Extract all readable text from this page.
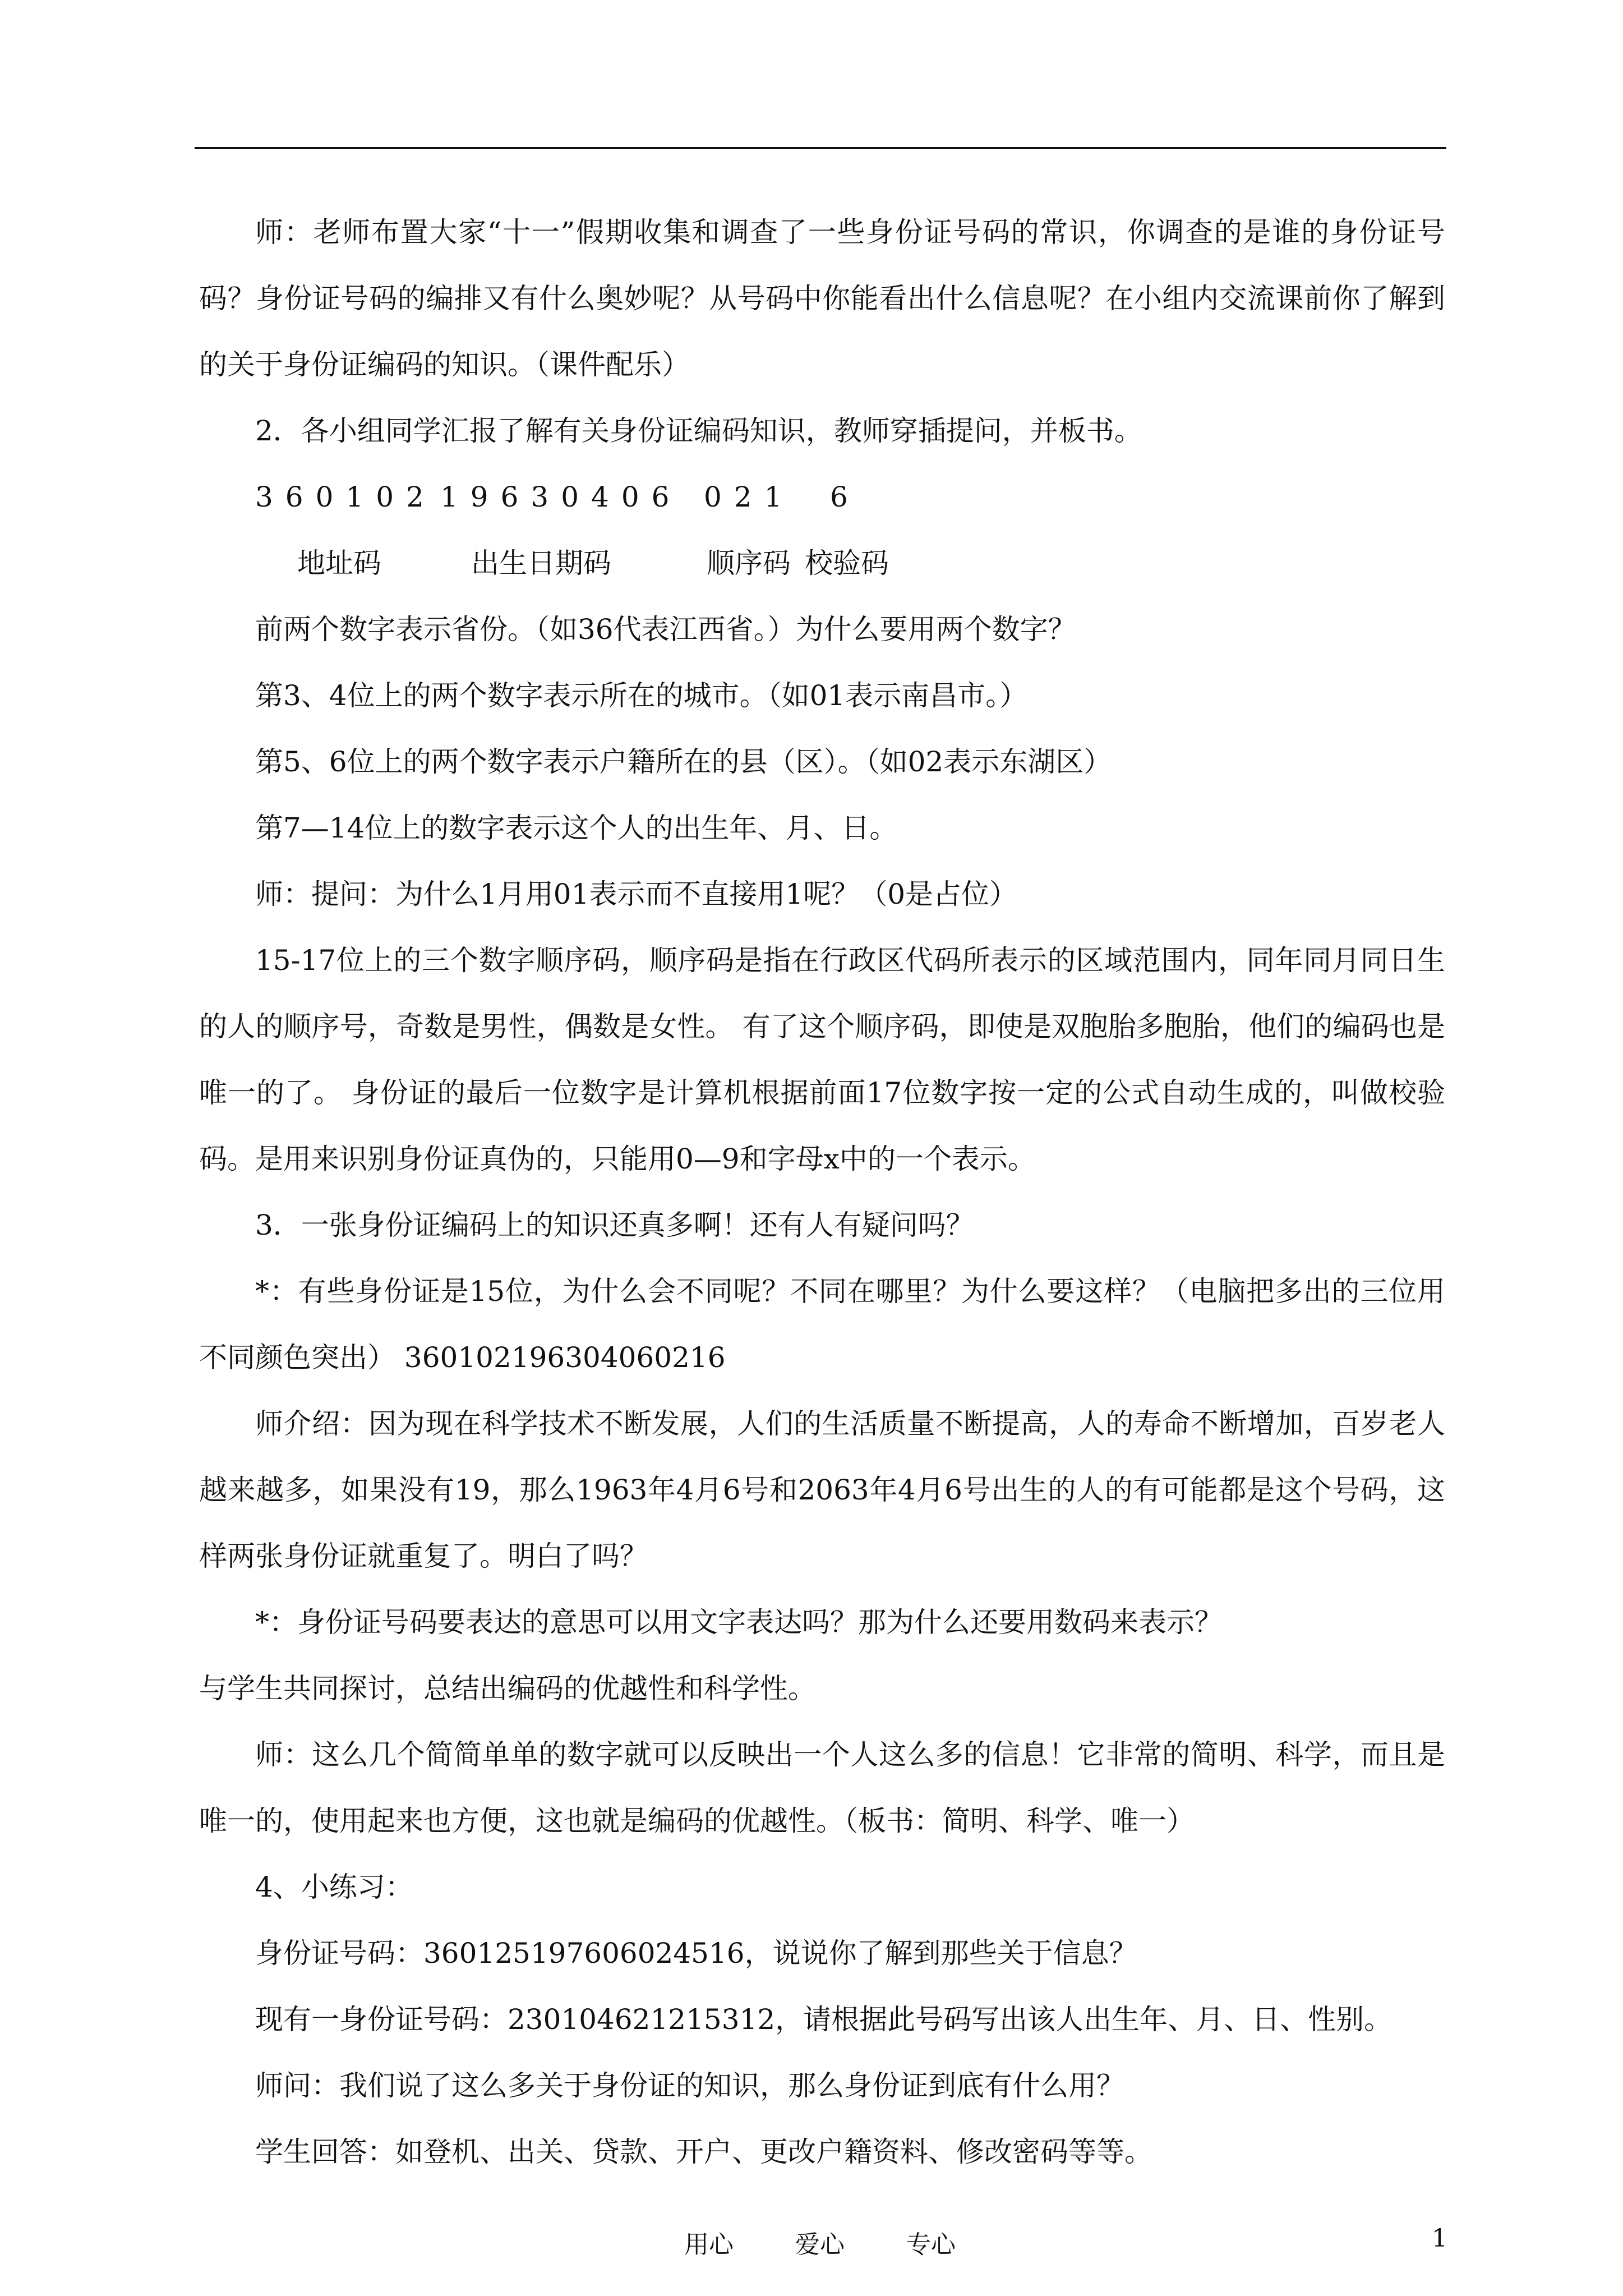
师：老师布置大家“十一”假期收集和调查了一些身份证号码的常识，你调查的是谁的身份证号码？身份证号码的编排又有什么奥妙呢？从号码中你能看出什么信息呢？在小组内交流课前你了解到的关于身份证编码的知识。（课件配乐）

2．各小组同学汇报了解有关身份证编码知识，教师穿插提问，并板书。

360102 19630406 021 6

地址码	出生日期码	顺序码 校验码

前两个数字表示省份。（如36代表江西省。）为什么要用两个数字？

第3、4位上的两个数字表示所在的城市。（如01表示南昌市。）

第5、6位上的两个数字表示户籍所在的县（区）。（如02表示东湖区）

第7—14位上的数字表示这个人的出生年、月、日。

师：提问：为什么1月用01表示而不直接用1呢？（0是占位）

15-17位上的三个数字顺序码，顺序码是指在行政区代码所表示的区域范围内，同年同月同日生的人的顺序号，奇数是男性，偶数是女性。 有了这个顺序码，即使是双胞胎多胞胎，他们的编码也是唯一的了。 身份证的最后一位数字是计算机根据前面17位数字按一定的公式自动生成的，叫做校验码。是用来识别身份证真伪的，只能用0—9和字母x中的一个表示。

3．一张身份证编码上的知识还真多啊！还有人有疑问吗？

*：有些身份证是15位，为什么会不同呢？不同在哪里？为什么要这样？（电脑把多出的三位用不同颜色突出） 360102196304060216

师介绍：因为现在科学技术不断发展，人们的生活质量不断提高，人的寿命不断增加，百岁老人越来越多，如果没有19，那么1963年4月6号和2063年4月6号出生的人的有可能都是这个号码，这样两张身份证就重复了。明白了吗？

*：身份证号码要表达的意思可以用文字表达吗？那为什么还要用数码来表示？

与学生共同探讨，总结出编码的优越性和科学性。

师：这么几个简简单单的数字就可以反映出一个人这么多的信息！它非常的简明、科学，而且是唯一的，使用起来也方便，这也就是编码的优越性。（板书：简明、科学、唯一）

4、小练习：

身份证号码：360125197606024516，说说你了解到那些关于信息？

现有一身份证号码：230104621215312，请根据此号码写出该人出生年、月、日、性别。

师问：我们说了这么多关于身份证的知识，那么身份证到底有什么用？

学生回答：如登机、出关、贷款、开户、更改户籍资料、修改密码等等。

用心	爱心	专心	1
